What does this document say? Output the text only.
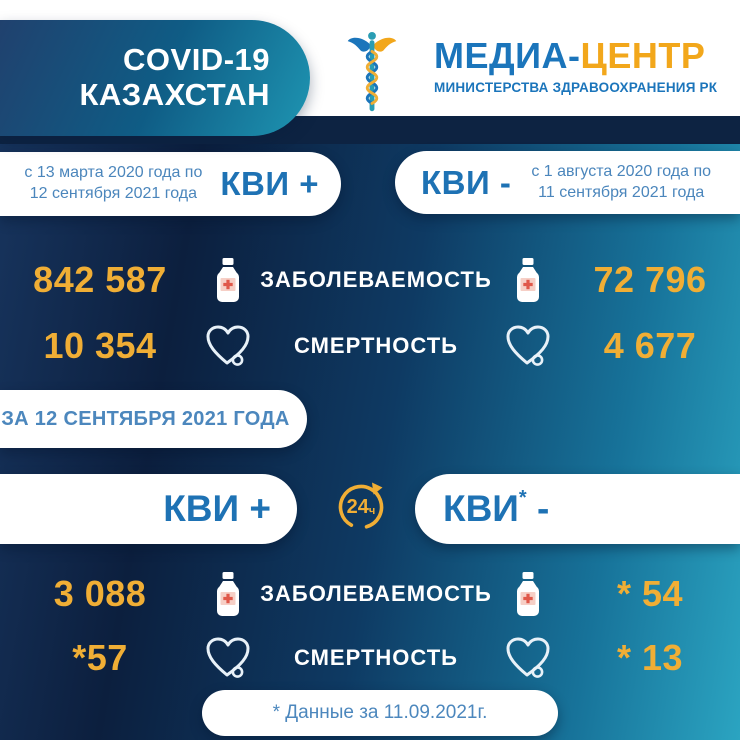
МЕДИА-ЦЕНТР
МИНИСТЕРСТВА ЗДРАВООХРАНЕНИЯ РК
COVID-19
КАЗАХСТАН
с 13 марта 2020 года по
12 сентября 2021 года КВИ +	КВИ - с 1 августа 2020 года по
11 сентября 2021 года
842 587	ЗАБОЛЕВАЕМОСТЬ	72 796
10 354	СМЕРТНОСТЬ	4 677
ЗА 12 СЕНТЯБРЯ 2021 ГОДА
КВИ +	24 ч КВИ* -
3 088	ЗАБОЛЕВАЕМОСТЬ	* 54
*57	СМЕРТНОСТЬ	* 13
* Данные за 11.09.2021г.
